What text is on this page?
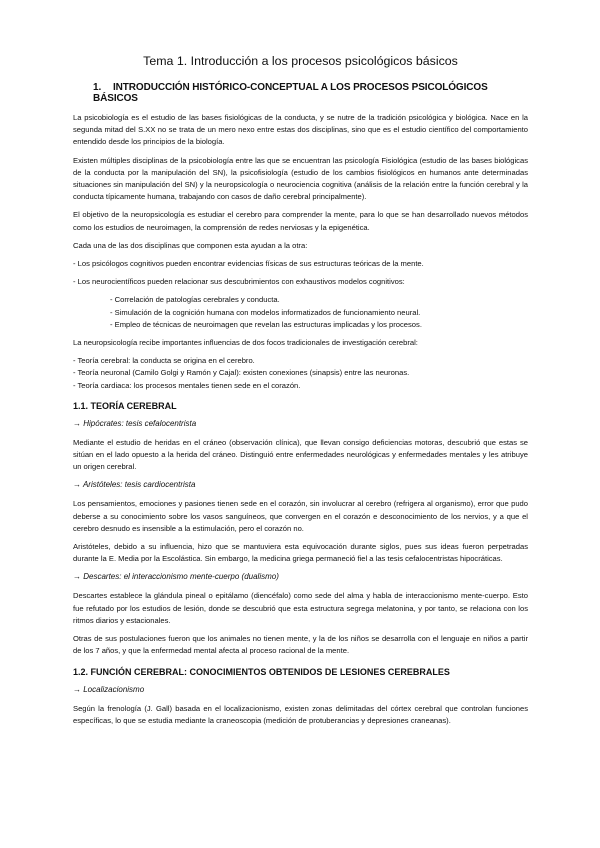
Tema 1. Introducción a los procesos psicológicos básicos
1. INTRODUCCIÓN HISTÓRICO-CONCEPTUAL A LOS PROCESOS PSICOLÓGICOS BÁSICOS

La psicobiología es el estudio de las bases fisiológicas de la conducta, y se nutre de la tradición psicológica y biológica. Nace en la segunda mitad del S.XX no se trata de un mero nexo entre estas dos disciplinas, sino que es el estudio científico del comportamiento entendido desde los principios de la biología.

Existen múltiples disciplinas de la psicobiología entre las que se encuentran las psicología Fisiológica (estudio de las bases biológicas de la conducta por la manipulación del SN), la psicofisiología (estudio de los cambios fisiológicos en humanos ante determinadas situaciones sin manipulación del SN) y la neuropsicología o neurociencia cognitiva (análisis de la relación entre la función cerebral y la conducta típicamente humana, trabajando con casos de daño cerebral principalmente).

El objetivo de la neuropsicología es estudiar el cerebro para comprender la mente, para lo que se han desarrollado nuevos métodos como los estudios de neuroimagen, la comprensión de redes nerviosas y la epigenética.

Cada una de las dos disciplinas que componen esta ayudan a la otra:

- Los psicólogos cognitivos pueden encontrar evidencias físicas de sus estructuras teóricas de la mente.

- Los neurocientíficos pueden relacionar sus descubrimientos con exhaustivos modelos cognitivos:

- Correlación de patologías cerebrales y conducta.

- Simulación de la cognición humana con modelos informatizados de funcionamiento neural.

- Empleo de técnicas de neuroimagen que revelan las estructuras implicadas y los procesos.

La neuropsicología recibe importantes influencias de dos focos tradicionales de investigación cerebral:

- Teoría cerebral: la conducta se origina en el cerebro.

- Teoría neuronal (Camilo Golgi y Ramón y Cajal): existen conexiones (sinapsis) entre las neuronas.

- Teoría cardiaca: los procesos mentales tienen sede en el corazón.

1.1. TEORÍA CEREBRAL
→ Hipócrates: tesis cefalocentrista

Mediante el estudio de heridas en el cráneo (observación clínica), que llevan consigo deficiencias motoras, descubrió que estas se sitúan en el lado opuesto a la herida del cráneo. Distinguió entre enfermedades neurológicas y enfermedades mentales y les atribuye un origen cerebral.

→ Aristóteles: tesis cardiocentrista

Los pensamientos, emociones y pasiones tienen sede en el corazón, sin involucrar al cerebro (refrigera al organismo), error que pudo deberse a su conocimiento sobre los vasos sanguíneos, que convergen en el corazón e desconocimiento de los nervios, y a que el cerebro desnudo es insensible a la estimulación, pero el corazón no.

Aristóteles, debido a su influencia, hizo que se mantuviera esta equivocación durante siglos, pues sus ideas fueron perpetradas durante la E. Media por la Escolástica. Sin embargo, la medicina griega permaneció fiel a las tesis cefalocentristas hipocráticas.

→ Descartes: el interaccionismo mente-cuerpo (dualismo)

Descartes establece la glándula pineal o epitálamo (diencéfalo) como sede del alma y habla de interaccionismo mente-cuerpo. Esto fue refutado por los estudios de lesión, donde se descubrió que esta estructura segrega melatonina, y por tanto, se relaciona con los ritmos diarios y estacionales.

Otras de sus postulaciones fueron que los animales no tienen mente, y la de los niños se desarrolla con el lenguaje en niños a partir de los 7 años, y que la enfermedad mental afecta al proceso racional de la mente.

1.2. FUNCIÓN CEREBRAL: CONOCIMIENTOS OBTENIDOS DE LESIONES CEREBRALES
→ Localizacionismo

Según la frenología (J. Gall) basada en el localizacionismo, existen zonas delimitadas del córtex cerebral que controlan funciones específicas, lo que se estudia mediante la craneoscopia (medición de protuberancias y depresiones craneanas).
